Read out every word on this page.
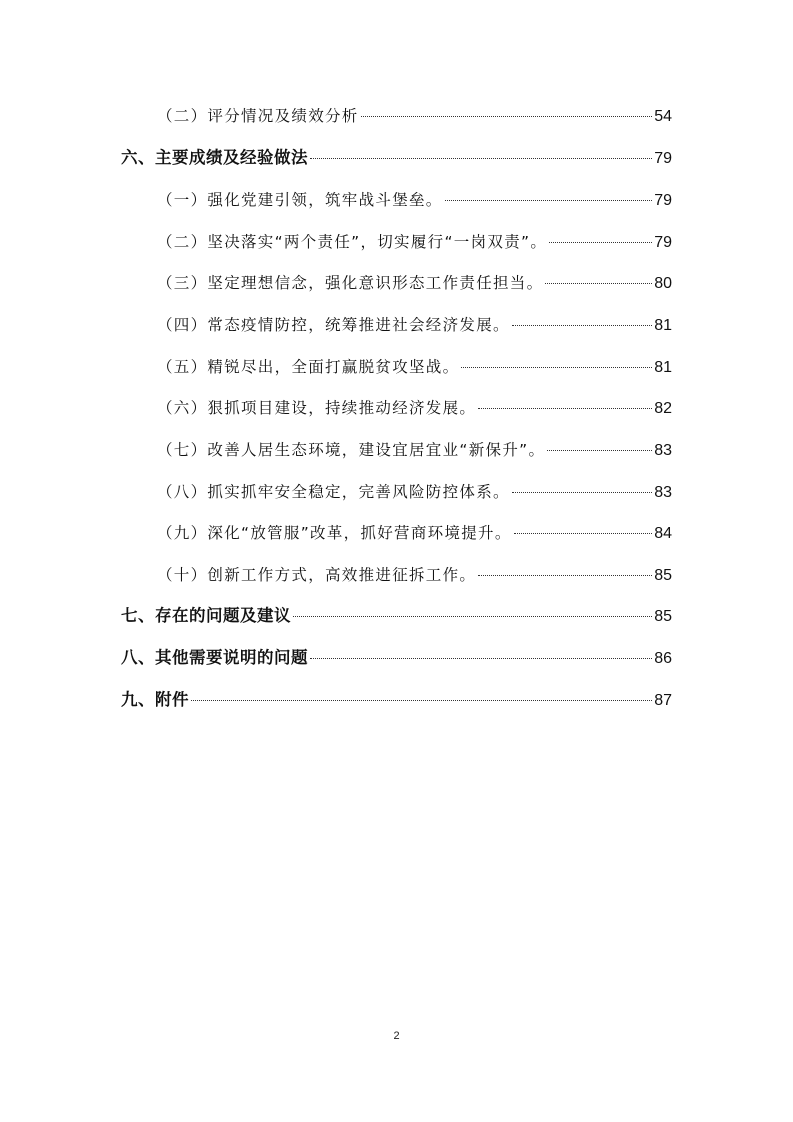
（二）评分情况及绩效分析	54
六、主要成绩及经验做法	79
（一）强化党建引领，筑牢战斗堡垒。	79
（二）坚决落实“两个责任”，切实履行“一岗双责”。	79
（三）坚定理想信念，强化意识形态工作责任担当。	80
（四）常态疫情防控，统筹推进社会经济发展。	81
（五）精锐尽出，全面打赢脱贫攻坚战。	81
（六）狠抓项目建设，持续推动经济发展。	82
（七）改善人居生态环境，建设宜居宜业“新保升”。	83
（八）抓实抓牢安全稳定，完善风险防控体系。	83
（九）深化“放管服”改革，抓好营商环境提升。	84
（十）创新工作方式，高效推进征拆工作。	85
七、存在的问题及建议	85
八、其他需要说明的问题	86
九、附件	87
2
